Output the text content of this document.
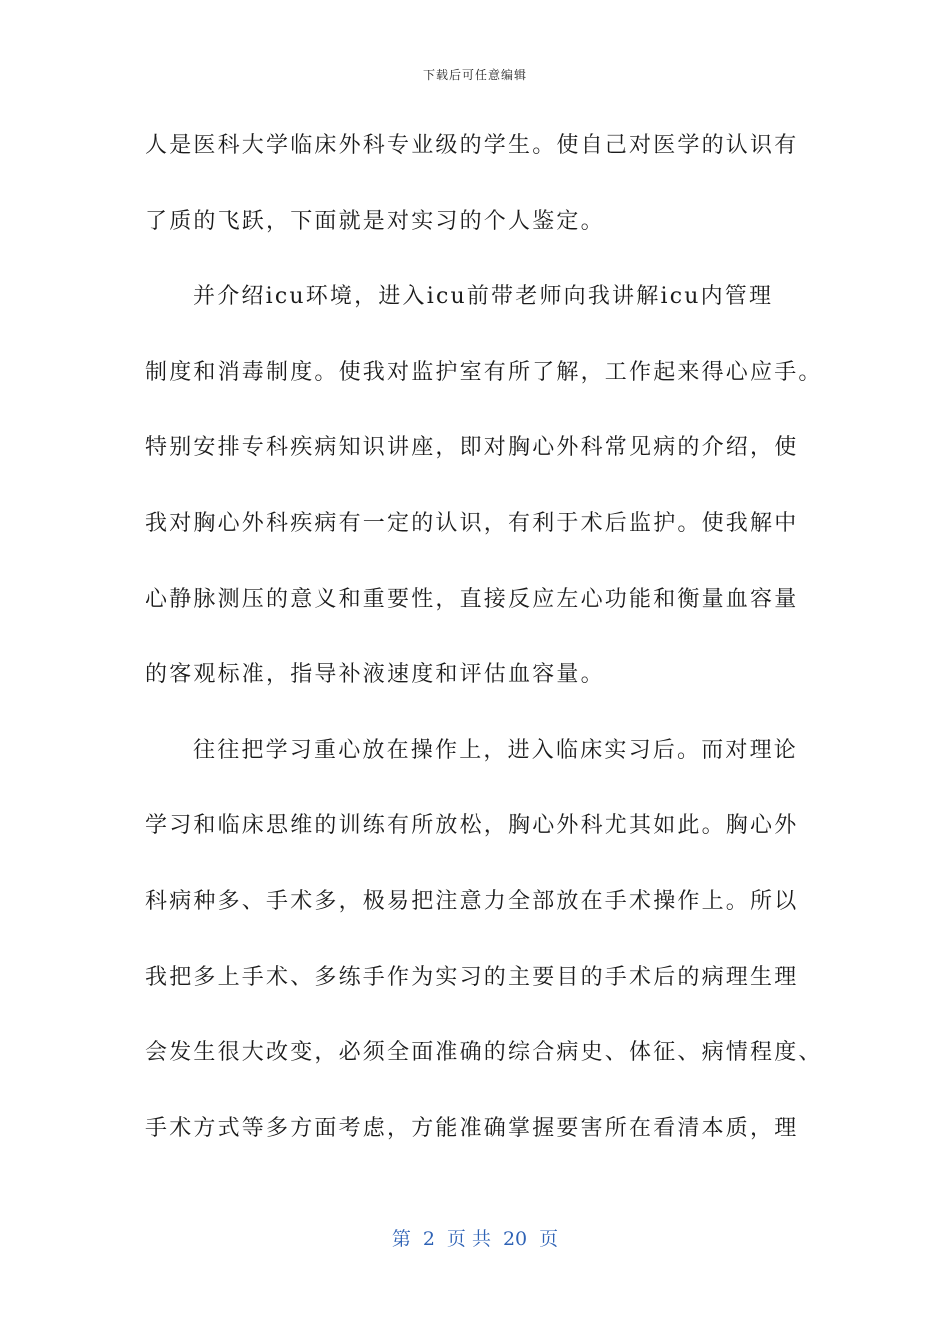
下载后可任意编辑
人是医科大学临床外科专业级的学生。使自己对医学的认识有
了质的飞跃，下面就是对实习的个人鉴定。
并介绍icu环境，进入icu前带老师向我讲解icu内管理
制度和消毒制度。使我对监护室有所了解，工作起来得心应手。
特别安排专科疾病知识讲座，即对胸心外科常见病的介绍，使
我对胸心外科疾病有一定的认识，有利于术后监护。使我解中
心静脉测压的意义和重要性，直接反应左心功能和衡量血容量
的客观标准，指导补液速度和评估血容量。
往往把学习重心放在操作上，进入临床实习后。而对理论
学习和临床思维的训练有所放松，胸心外科尤其如此。胸心外
科病种多、手术多，极易把注意力全部放在手术操作上。所以
我把多上手术、多练手作为实习的主要目的手术后的病理生理
会发生很大改变，必须全面准确的综合病史、体征、病情程度、
手术方式等多方面考虑，方能准确掌握要害所在看清本质，理
第 2 页 共 20 页
